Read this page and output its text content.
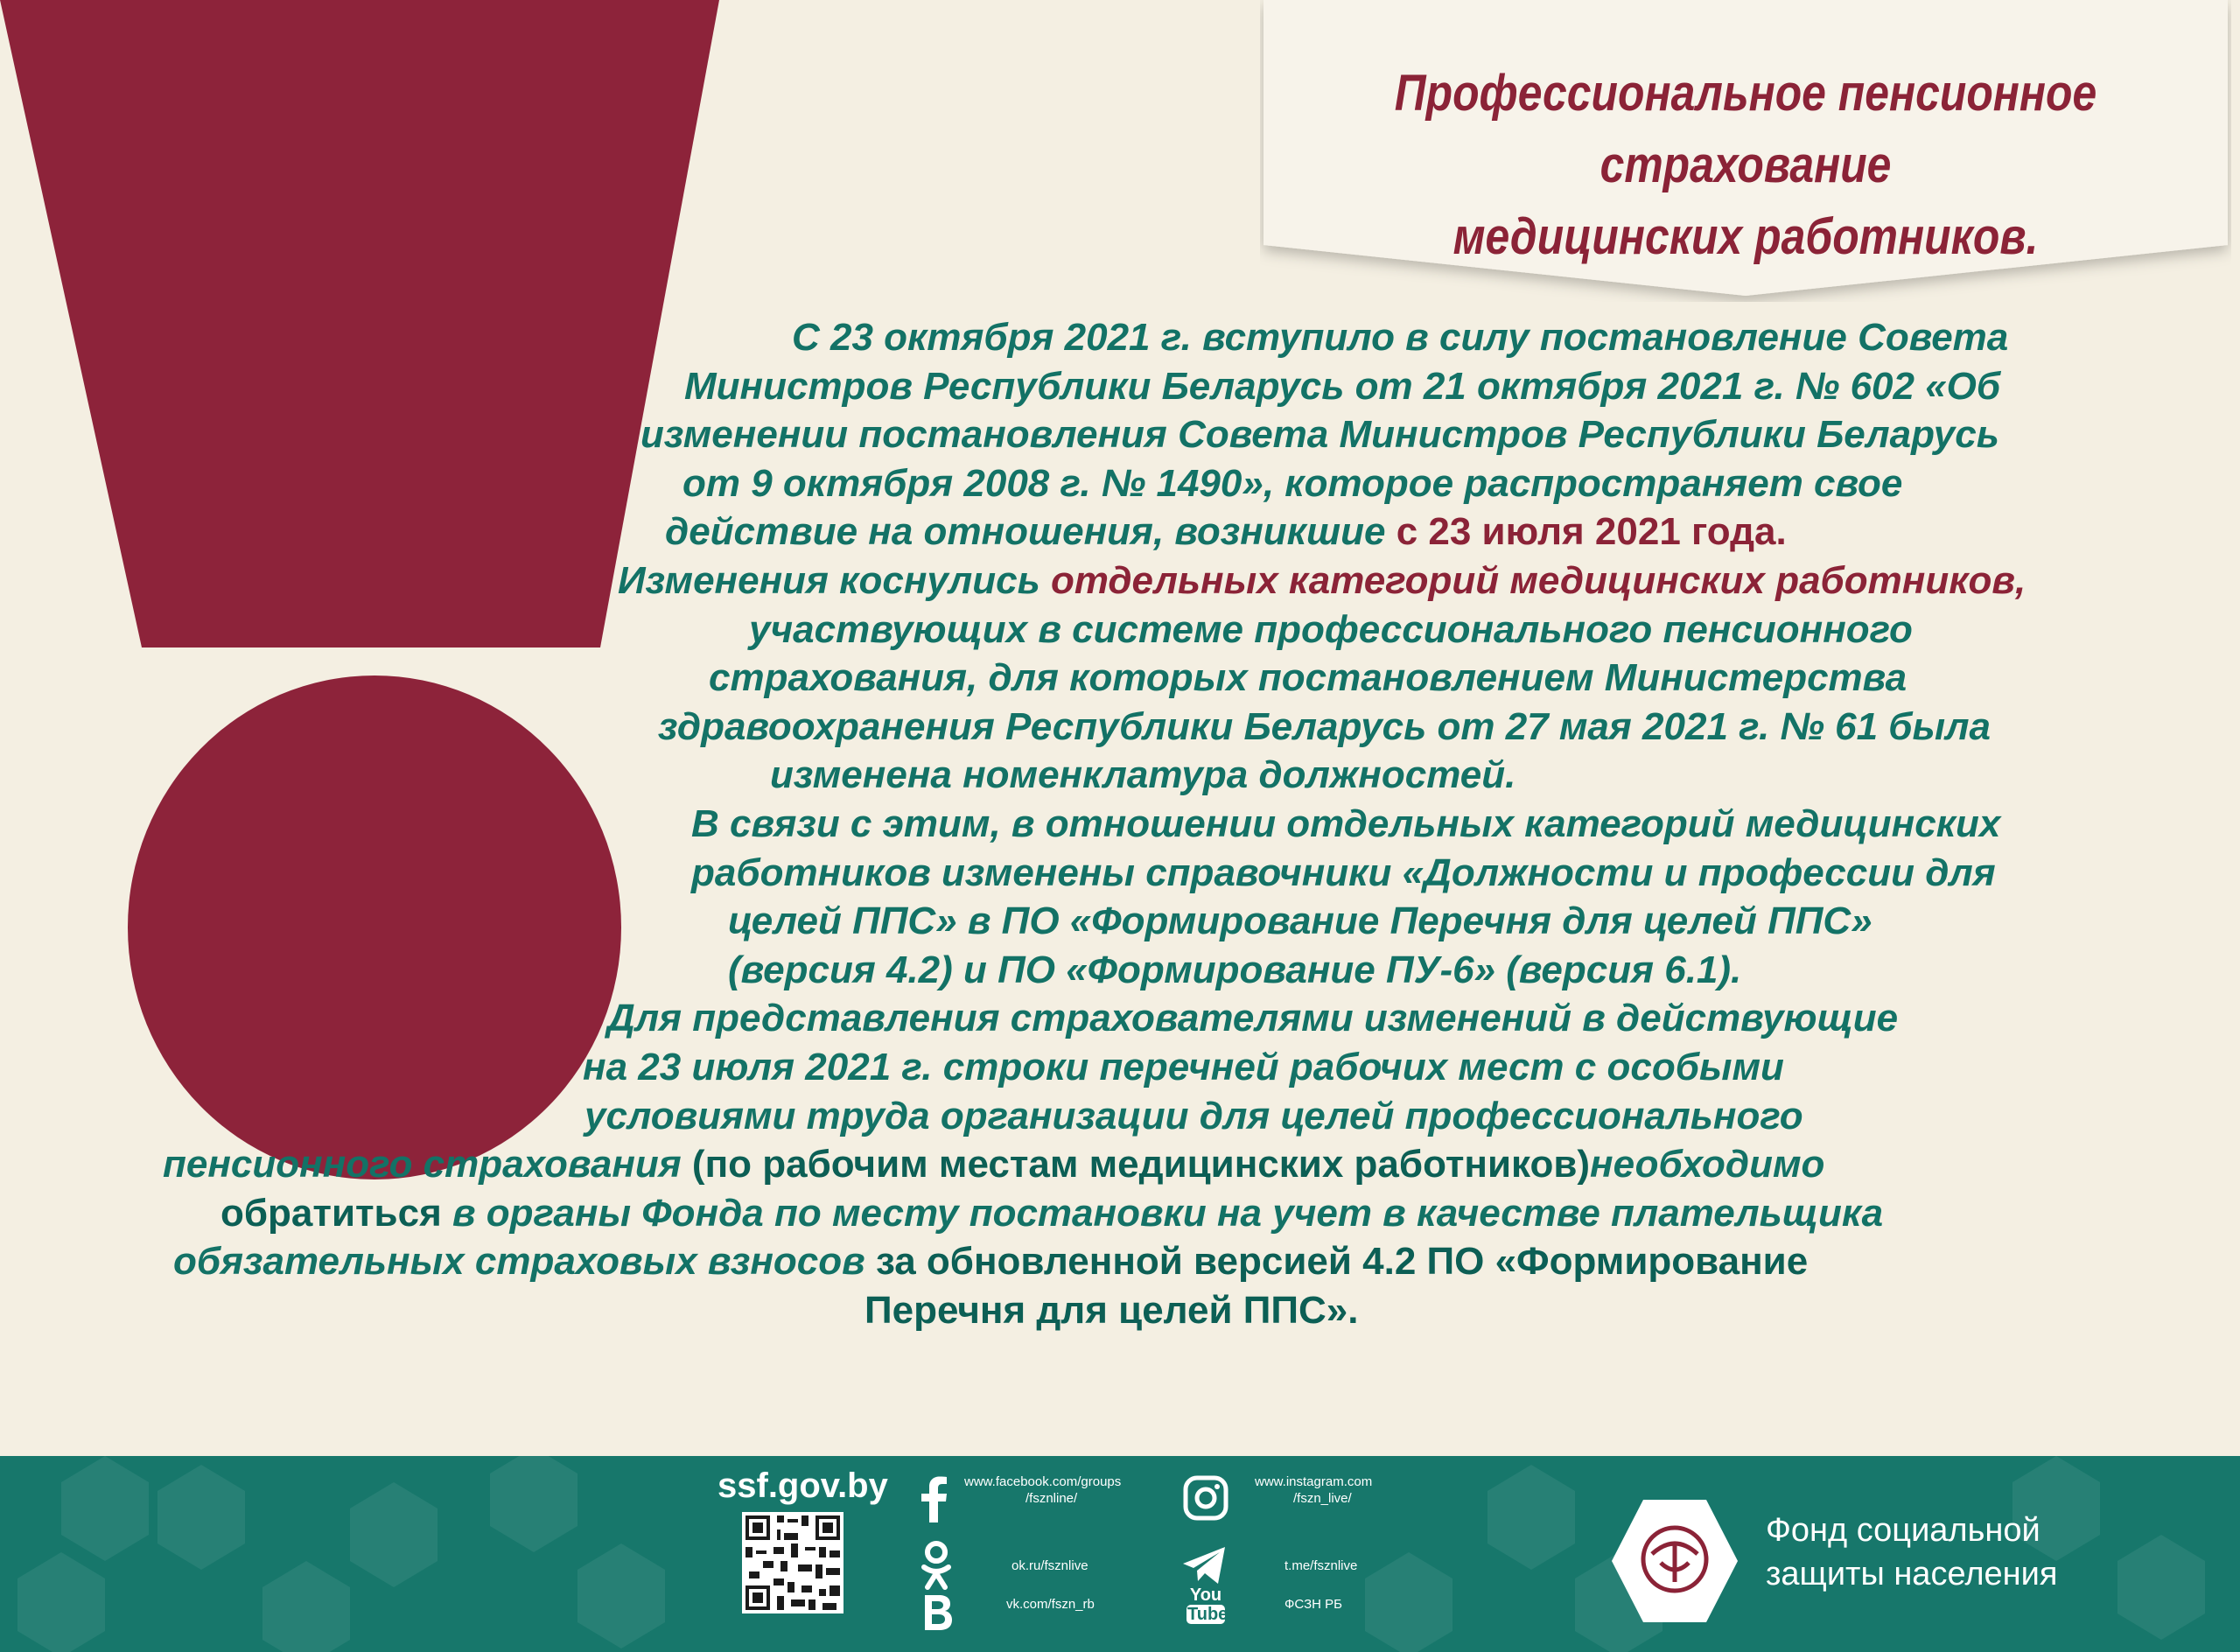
Профессиональное пенсионное страхование
медицинских работников.
С 23 октября 2021 г. вступило в силу постановление Совета
Министров Республики Беларусь от 21 октября 2021 г. № 602 «Об
изменении постановления Совета Министров Республики Беларусь
от 9 октября 2008 г. № 1490», которое распространяет свое
действие на отношения, возникшие с 23 июля 2021 года.
Изменения коснулись отдельных категорий медицинских работников,
участвующих в системе профессионального пенсионного
страхования, для которых постановлением Министерства
здравоохранения Республики Беларусь от 27 мая 2021 г. № 61 была
изменена номенклатура должностей.
В связи с этим, в отношении отдельных категорий медицинских
работников изменены справочники «Должности и профессии для
целей ППС» в ПО «Формирование Перечня для целей ППС»
(версия 4.2) и ПО «Формирование ПУ-6» (версия 6.1).
Для представления страхователями изменений в действующие
на 23 июля 2021 г. строки перечней рабочих мест с особыми
условиями труда организации для целей профессионального
пенсионного страхования (по рабочим местам медицинских работников)необходимо
обратиться в органы Фонда по месту постановки на учет в качестве плательщика
обязательных страховых взносов за обновленной версией 4.2 ПО «Формирование
Перечня для целей ППС».
ssf.gov.by	www.facebook.com/groups
/fsznline/
www.instagram.com
/fszn_live/
ok.ru/fsznlive	t.me/fsznlive
vk.com/fszn_rb	You
Tube
ФСЗН РБ
Фонд социальной
защиты населения
